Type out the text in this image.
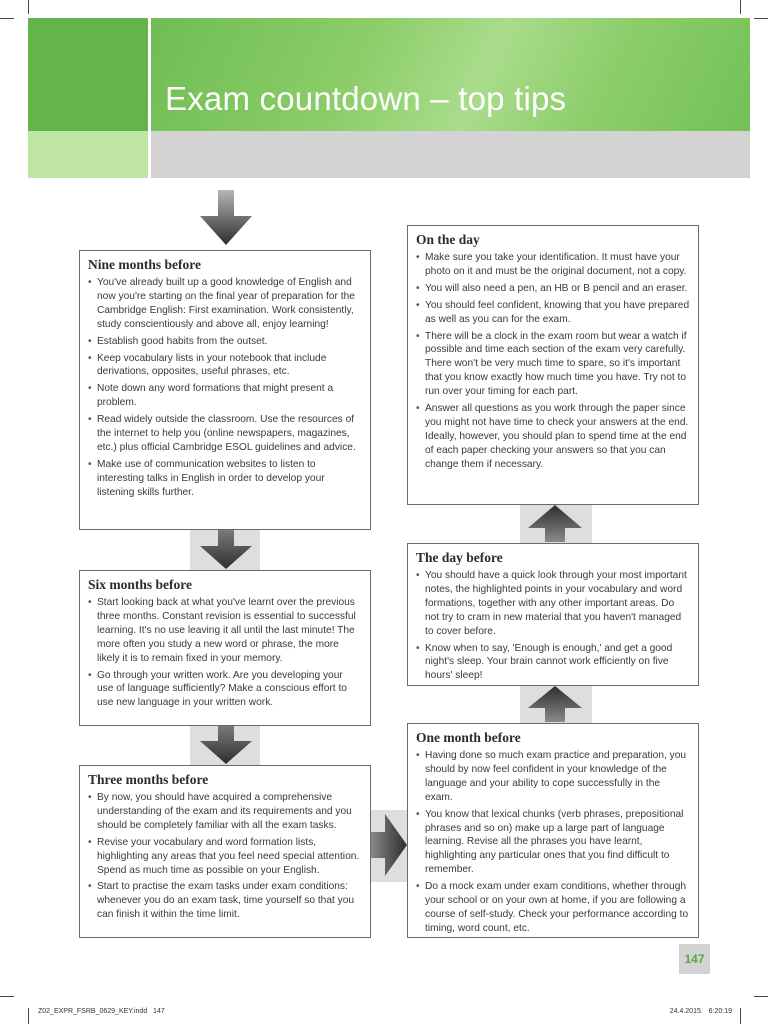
Exam countdown – top tips
Nine months before
• You've already built up a good knowledge of English and now you're starting on the final year of preparation for the Cambridge English: First examination. Work consistently, study conscientiously and above all, enjoy learning!
• Establish good habits from the outset.
• Keep vocabulary lists in your notebook that include derivations, opposites, useful phrases, etc.
• Note down any word formations that might present a problem.
• Read widely outside the classroom. Use the resources of the internet to help you (online newspapers, magazines, etc.) plus official Cambridge ESOL guidelines and advice.
• Make use of communication websites to listen to interesting talks in English in order to develop your listening skills further.
Six months before
• Start looking back at what you've learnt over the previous three months. Constant revision is essential to successful learning. It's no use leaving it all until the last minute! The more often you study a new word or phrase, the more likely it is to remain fixed in your memory.
• Go through your written work. Are you developing your use of language sufficiently? Make a conscious effort to use new language in your written work.
Three months before
• By now, you should have acquired a comprehensive understanding of the exam and its requirements and you should be completely familiar with all the exam tasks.
• Revise your vocabulary and word formation lists, highlighting any areas that you feel need special attention. Spend as much time as possible on your English.
• Start to practise the exam tasks under exam conditions: whenever you do an exam task, time yourself so that you can finish it within the time limit.
On the day
• Make sure you take your identification. It must have your photo on it and must be the original document, not a copy.
• You will also need a pen, an HB or B pencil and an eraser.
• You should feel confident, knowing that you have prepared as well as you can for the exam.
• There will be a clock in the exam room but wear a watch if possible and time each section of the exam very carefully. There won't be very much time to spare, so it's important that you know exactly how much time you have. Try not to run over your timing for each part.
• Answer all questions as you work through the paper since you might not have time to check your answers at the end. Ideally, however, you should plan to spend time at the end of each paper checking your answers so that you can change them if necessary.
The day before
• You should have a quick look through your most important notes, the highlighted points in your vocabulary and word formations, together with any other important areas. Do not try to cram in new material that you haven't managed to cover before.
• Know when to say, 'Enough is enough,' and get a good night's sleep. Your brain cannot work efficiently on five hours' sleep!
One month before
• Having done so much exam practice and preparation, you should by now feel confident in your knowledge of the language and your ability to cope successfully in the exam.
• You know that lexical chunks (verb phrases, prepositional phrases and so on) make up a large part of language learning. Revise all the phrases you have learnt, highlighting any particular ones that you find difficult to remember.
• Do a mock exam under exam conditions, whether through your school or on your own at home, if you are following a course of self-study. Check your performance according to timing, word count, etc.
147
Z02_EXPR_FSRB_0629_KEY.indd   147	24.4.2015.   6:20:19
